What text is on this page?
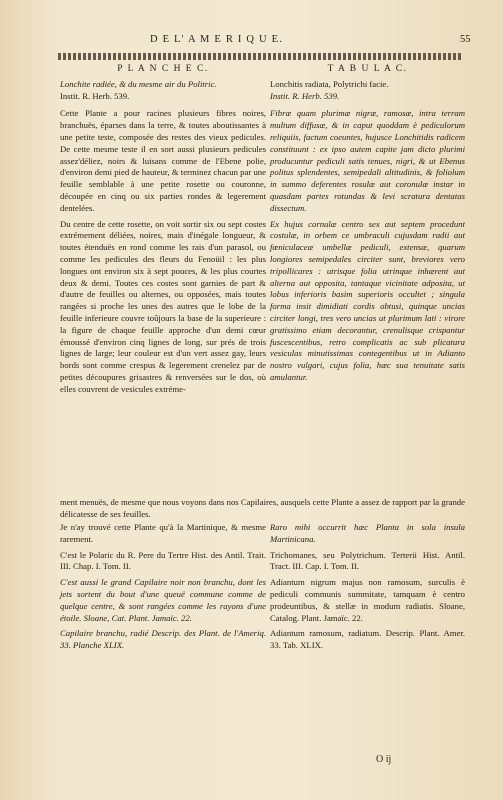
D E L' A M E R I Q U E.	55
P L A N C H E C.
Lonchite radiée, & du mesme air du Politric.
Instit. R. Herb. 539.

Cette Plante a pour racines plusieurs fibres noires, branchuës, éparses dans la terre, & toutes aboutissantes à une petite teste, composée des restes des vieux pedicules. De cette mesme teste il en sort aussi plusieurs pedicules assez'déliez, noirs & luisans comme de l'Ebene polie, d'environ demi pied de hauteur, & terminez chacun par une feuille semblable à une petite rosette ou couronne, découpée en cinq ou six parties rondes & legerement dentelées.

Du centre de cette rosette, on voit sortir six ou sept costes extrémement déliées, noires, mais d'inégale longueur, & toutes étenduës en rond comme les rais d'un parasol, ou comme les pedicules des fleurs du Fenoüil : les plus longues ont environ six à sept pouces, & les plus courtes deux & demi. Toutes ces costes sont garnies de part & d'autre de feuilles ou alternes, ou opposées, mais toutes rangées si proche les unes des autres que le lobe de la feuille inferieure couvre toûjours la base de la superieure : la figure de chaque feuille approche d'un demi cœur émoussé d'environ cinq lignes de long, sur prés de trois lignes de large; leur couleur est d'un vert assez gay, leurs bords sont comme crespus & legerement crenelez par de petites découpures grisastres & renversées sur le dos, où elles couvrent de vesicules extréme-

T A B U L A C.
Lonchitis radiata, Polytrichi facie.
Instit. R. Herb. 539.

Fibræ quam plurimæ nigræ, ramosæ, intra terram multum diffusæ, & in caput quoddam è pediculorum reliquiis, factum coeuntes, hujusce Lonchitidis radicem constituunt : ex ipso autem capite jam dicto plurimi producuntur pediculi satis tenues, nigri, & ut Ebenus politus splendentes, semipedali altitudinis, & foliolum in summo deferentes rosulæ aut coronulæ instar in quasdam partes rotundas & levi scratura dentatas dissectum.

Ex hujus cornulæ centro sex aut septem procedunt costulæ, in orbem ce umbraculi cujusdam radii aut fœniculaceæ umbellæ pediculi, extensæ, quarum longiores semipedales circiter sunt, breviores vero tripollicares : utrisque folia utrinque inhærent aut alterna aut opposita, tantaque vicinitate adposita, ut lobus inferioris basim superioris occultet ; singula forma insit dimidiati cordis obtusi, quinque uncias circiter longi, tres vero uncias ut plurimum lati : virore gratissimo etiam decorantur, crenulisque crispantur fuscescentibus, retro complicatis ac sub plicatura vesiculas minutissimas contegentibus ut in Adianto nostro vulgari, cujus folia, hæc sua tenuitate satis amulantur.

ment menuës, de mesme que nous voyons dans nos Capilaires, ausquels cette Plante a assez de rapport par la grande délicatesse de ses feuilles.

Je n'ay trouvé cette Plante qu'à la Martinique, & mesme rarement.

C'est le Polaric du R. Pere du Tertre Hist. des Antil. Trait. III. Chap. I. Tom. II.

C'est aussi le grand Capilaire noir non branchu, dont les jets sortent du bout d'une queuë commune comme de quelque centre, & sont rangées comme les rayons d'une étoile. Sloane, Cat. Plant. Jamaïc. 22.

Capilaire branchu, radié Descrip. des Plant. de l'Ameriq. 33. Planche XLIX.

Raro mihi occurrit hæc Planta in sola insula Martinicana.

Trichomanes, seu Polytrichum. Terterii Hist. Antil. Tract. III. Cap. I. Tom. II.

Adiantum nigrum majus non ramosum, surculis è pediculi communis summitate, tamquam è centro prodeuntibus, & stellæ in modum radiatis. Sloane, Catalog. Plant. Jamaïc. 22.

Adiantum ramosum, radiatum. Descrip. Plant. Amer. 33. Tab. XLIX.

O ij
